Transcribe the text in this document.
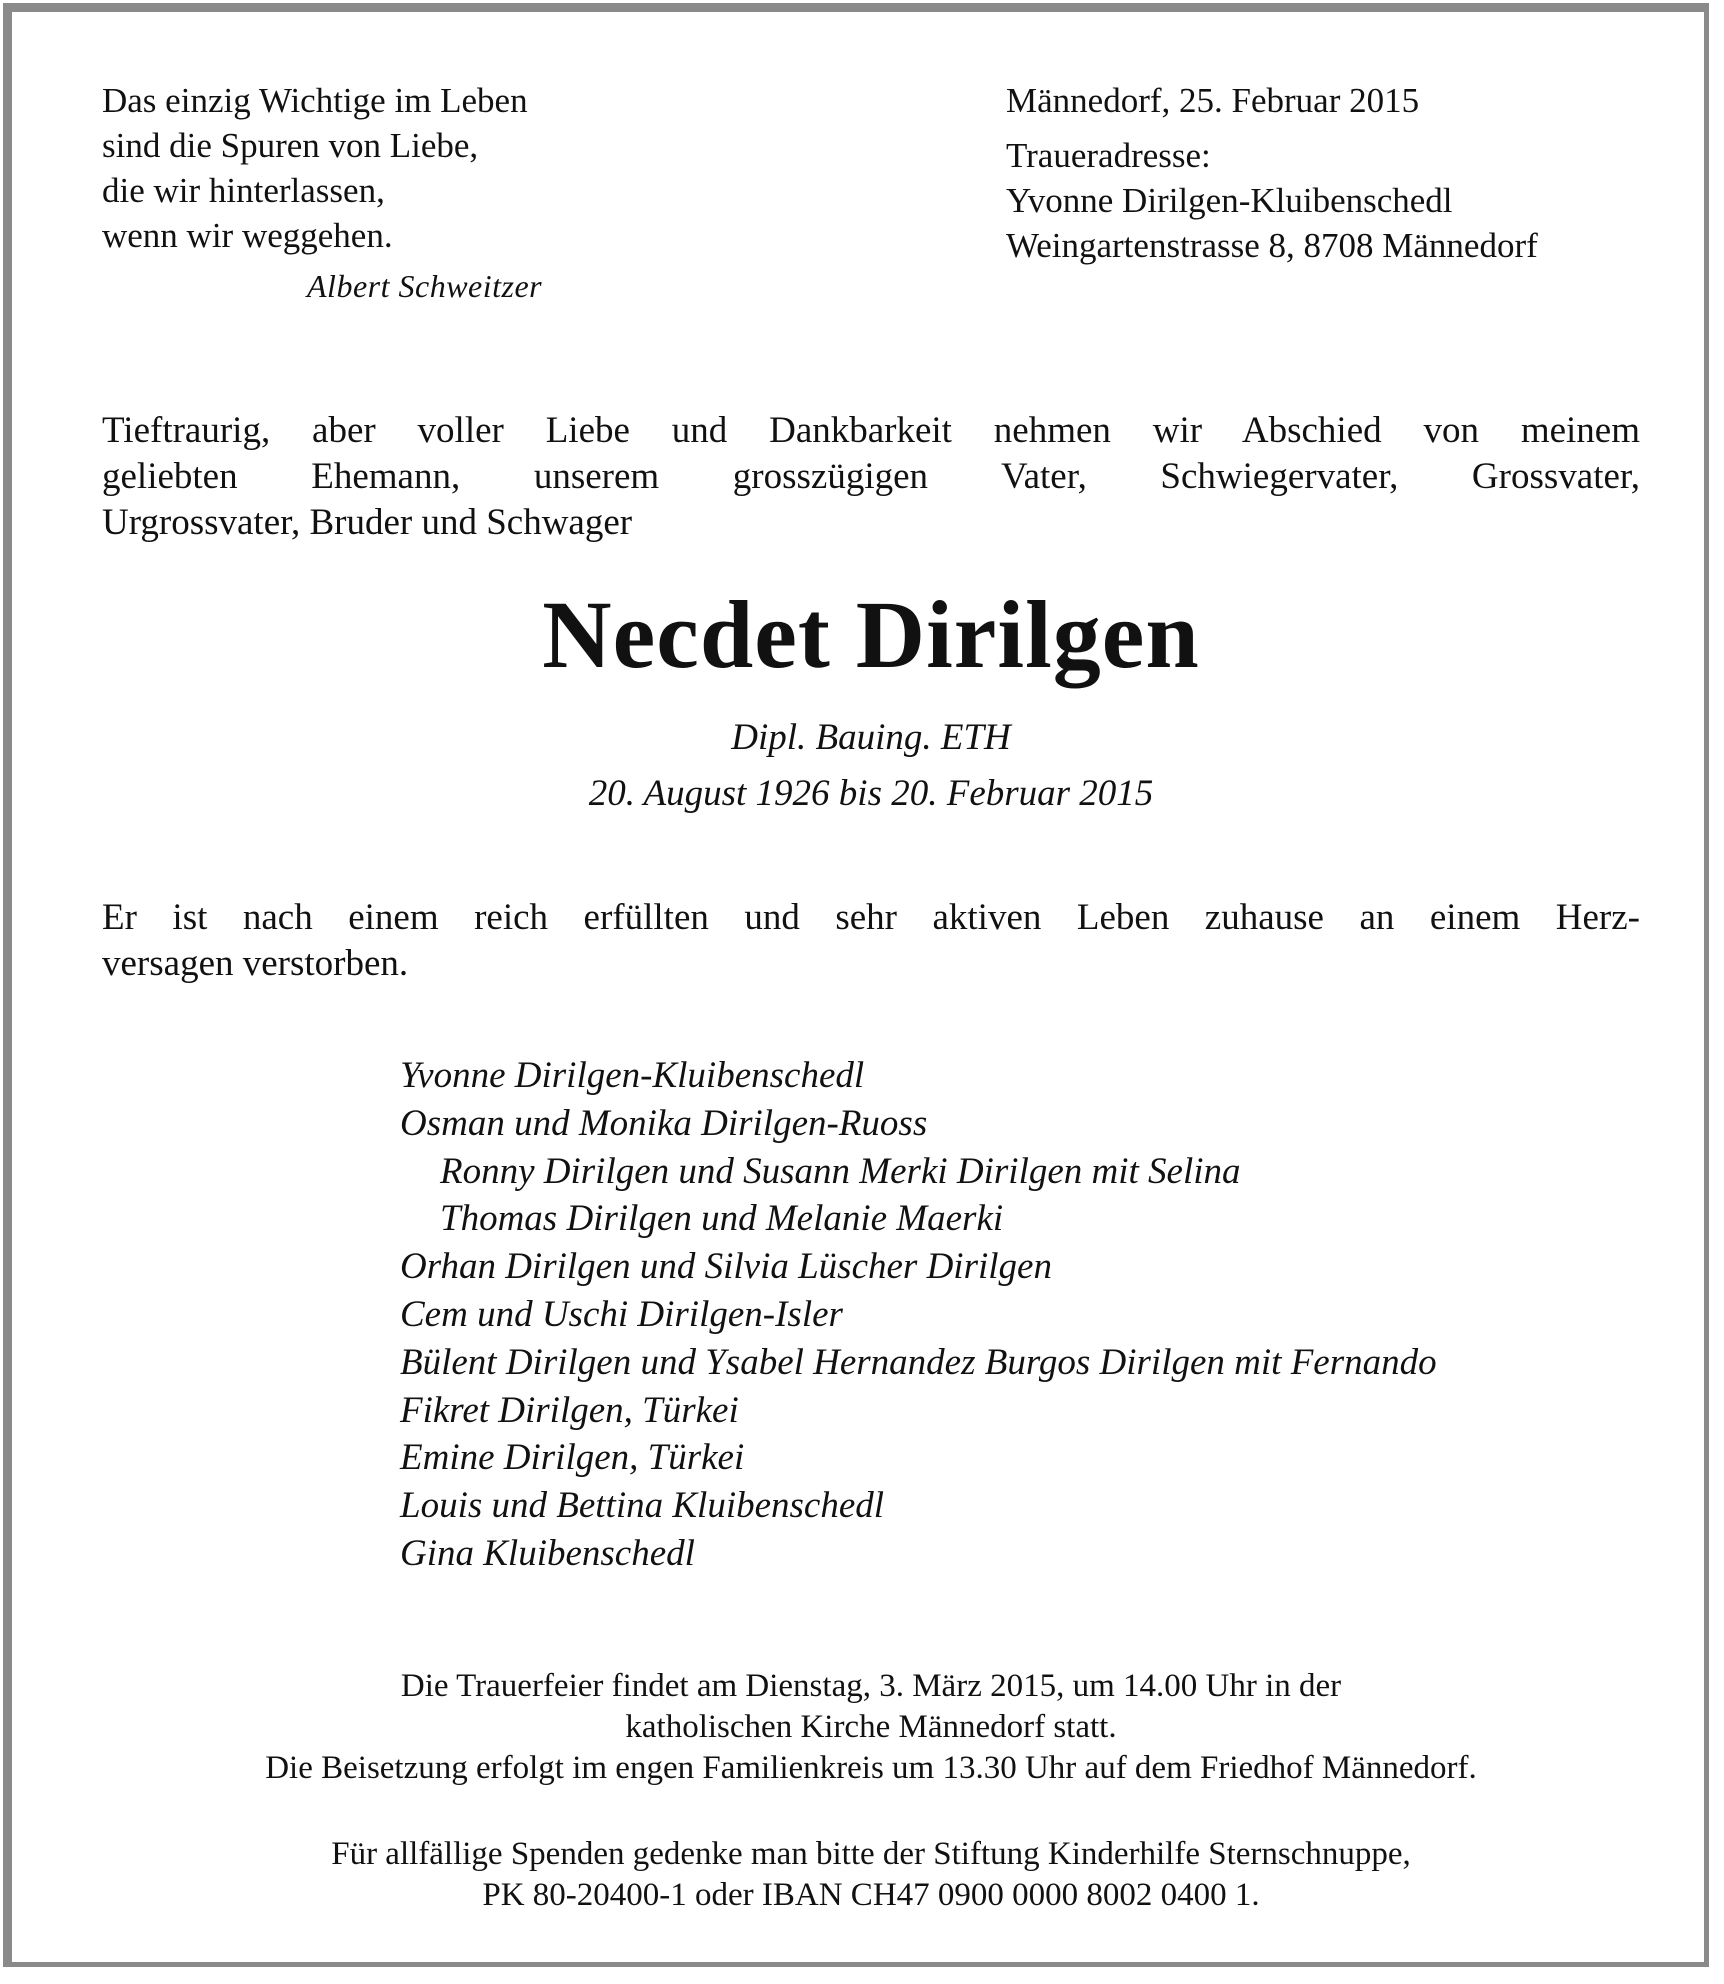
Das einzig Wichtige im Leben
sind die Spuren von Liebe,
die wir hinterlassen,
wenn wir weggehen.
Albert Schweitzer
Männedorf, 25. Februar 2015
Traueradresse:
Yvonne Dirilgen-Kluibenschedl
Weingartenstrasse 8, 8708 Männedorf
Tieftraurig, aber voller Liebe und Dankbarkeit nehmen wir Abschied von meinem
geliebten Ehemann, unserem grosszügigen Vater, Schwiegervater, Grossvater,
Urgrossvater, Bruder und Schwager
Necdet Dirilgen
Dipl. Bauing. ETH
20. August 1926 bis 20. Februar 2015
Er ist nach einem reich erfüllten und sehr aktiven Leben zuhause an einem Herz-
versagen verstorben.
Yvonne Dirilgen-Kluibenschedl
Osman und Monika Dirilgen-Ruoss
Ronny Dirilgen und Susann Merki Dirilgen mit Selina
Thomas Dirilgen und Melanie Maerki
Orhan Dirilgen und Silvia Lüscher Dirilgen
Cem und Uschi Dirilgen-Isler
Bülent Dirilgen und Ysabel Hernandez Burgos Dirilgen mit Fernando
Fikret Dirilgen, Türkei
Emine Dirilgen, Türkei
Louis und Bettina Kluibenschedl
Gina Kluibenschedl
Die Trauerfeier findet am Dienstag, 3. März 2015, um 14.00 Uhr in der
katholischen Kirche Männedorf statt.
Die Beisetzung erfolgt im engen Familienkreis um 13.30 Uhr auf dem Friedhof Männedorf.
Für allfällige Spenden gedenke man bitte der Stiftung Kinderhilfe Sternschnuppe,
PK 80-20400-1 oder IBAN CH47 0900 0000 8002 0400 1.
